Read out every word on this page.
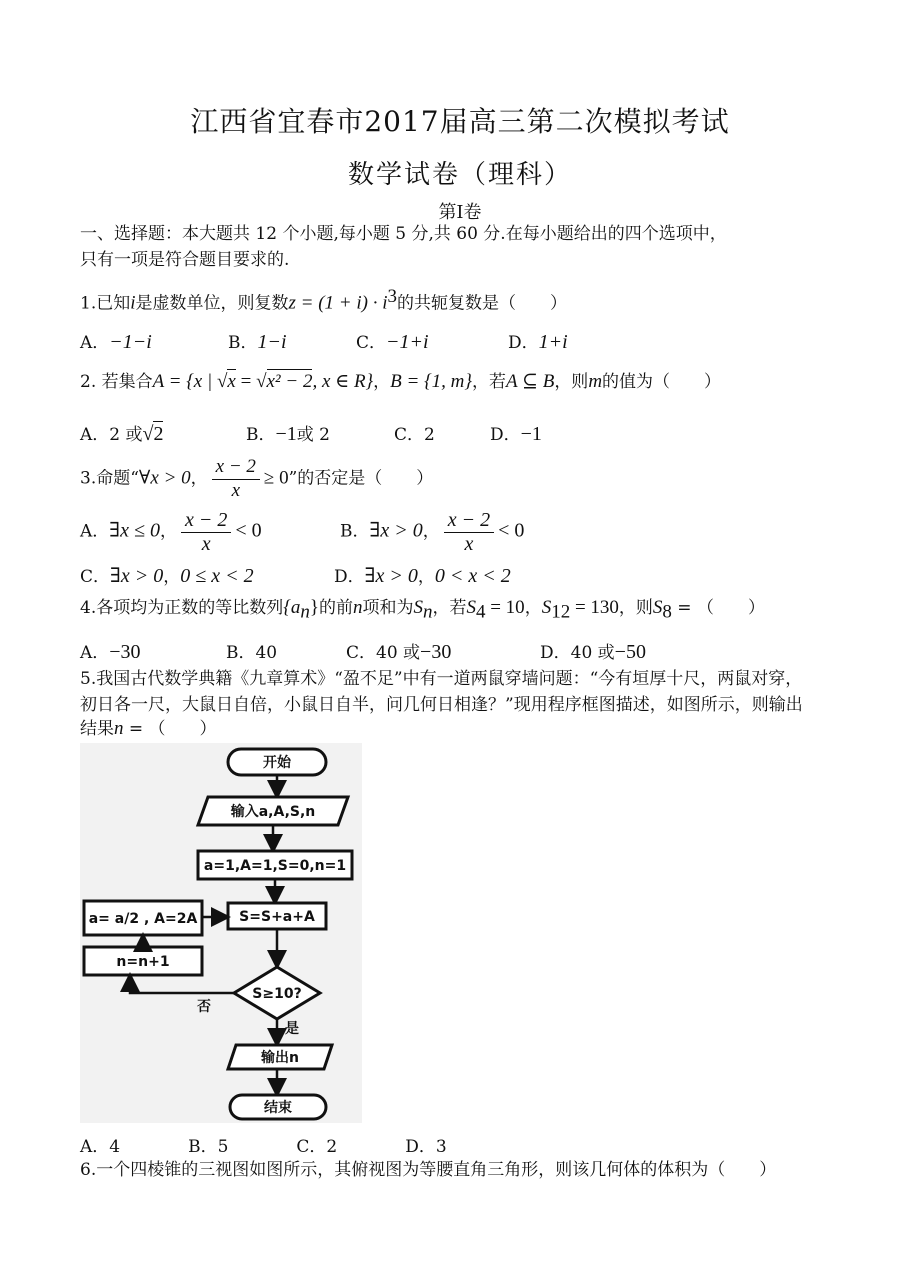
江西省宜春市2017届高三第二次模拟考试
数学试卷（理科）
第Ⅰ卷
一、选择题：本大题共 12 个小题,每小题 5 分,共 60 分.在每小题给出的四个选项中，
只有一项是符合题目要求的.
1.已知i是虚数单位，则复数$z = (1 + i) \cdot i^3$的共轭复数是（　　）
A．−1−i	B．1−i	C．−1+i	D．1+i
2. 若集合A = {x | √x = √x² − 2, x ∈ R}，B = {1, m}，若A ⊆ B，则m的值为（　　）
A．2 或√2	B．−1或 2	C．2	D．−1
3.命题“∀x > 0， $\frac{x - 2}{x} \ge 0$”的否定是（　　）
A．∃x ≤ 0， $\frac{x - 2}{x} < 0$	B．∃x > 0， $\frac{x - 2}{x} < 0$
C．∃x > 0，0 ≤ x < 2	D．∃x > 0，0 < x < 2
4.各项均为正数的等比数列$\{a_n\}$的前n项和为$S_n$，若$S_4 = 10$，$S_{12} = 130$，则$S_8$ = （　　）
A．−30	B．40	C．40 或−30	D．40 或−50
5.我国古代数学典籍《九章算术》“盈不足”中有一道两鼠穿墙问题：“今有垣厚十尺，两鼠对穿，
初日各一尺，大鼠日自倍，小鼠日自半，问几何日相逢？”现用程序框图描述，如图所示，则输出
结果n = （　　）
开始
输入a,A,S,n
a=1,A=1,S=0,n=1
S=S+a+A
a= a/2 , A=2A
n=n+1
S≥10?
否
是
输出n
结束
A．4　　　　B．5　　　　C．2　　　　D．3
6.一个四棱锥的三视图如图所示，其俯视图为等腰直角三角形，则该几何体的体积为（　　）
